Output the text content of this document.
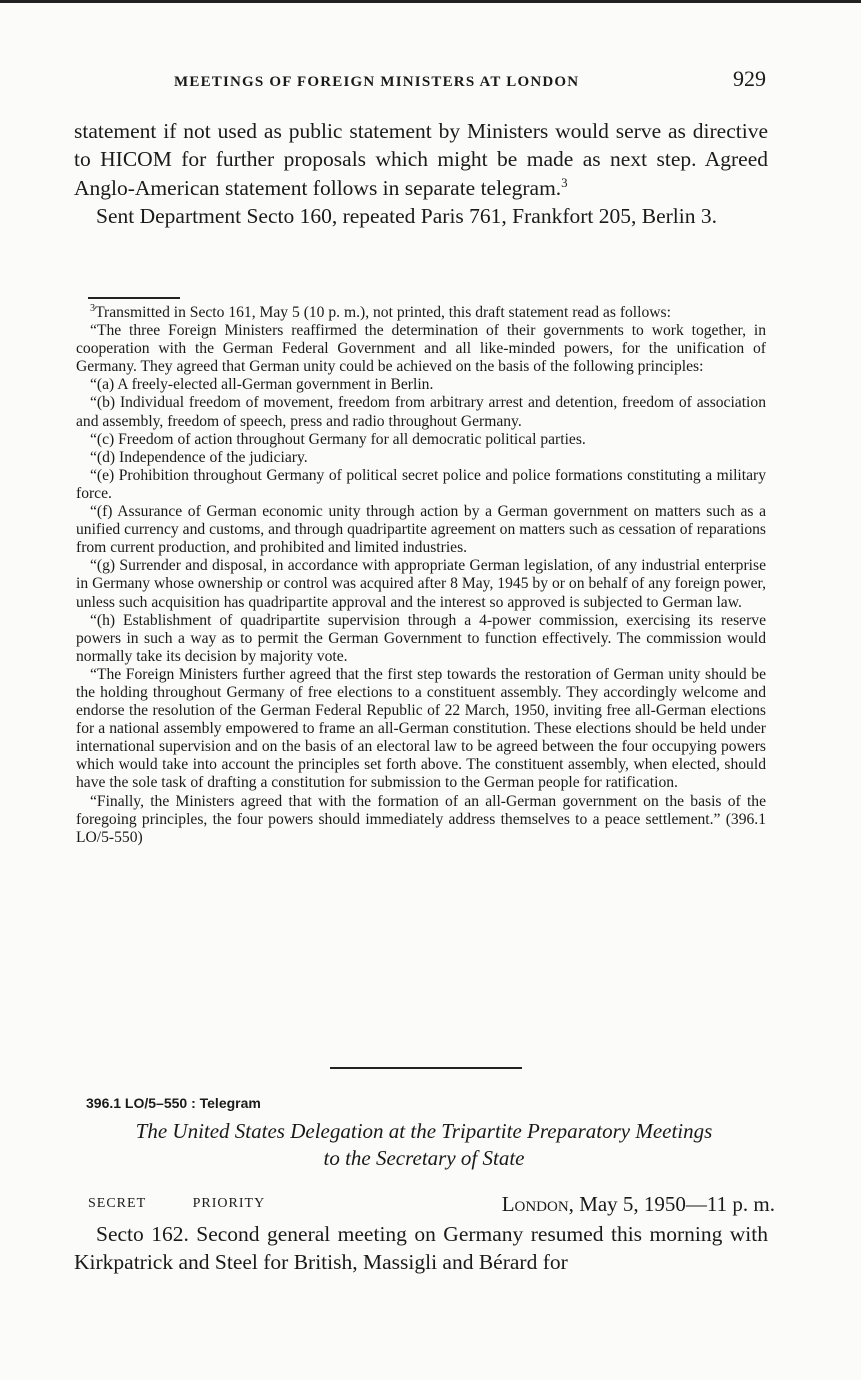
MEETINGS OF FOREIGN MINISTERS AT LONDON	929

statement if not used as public statement by Ministers would serve as directive to HICOM for further proposals which might be made as next step. Agreed Anglo-American statement follows in separate telegram.$^3$

Sent Department Secto 160, repeated Paris 761, Frankfort 205, Berlin 3.

$^3$Transmitted in Secto 161, May 5 (10 p. m.), not printed, this draft statement read as follows:

“The three Foreign Ministers reaffirmed the determination of their governments to work together, in cooperation with the German Federal Government and all like-minded powers, for the unification of Germany. They agreed that German unity could be achieved on the basis of the following principles:

“(a) A freely-elected all-German government in Berlin.

“(b) Individual freedom of movement, freedom from arbitrary arrest and detention, freedom of association and assembly, freedom of speech, press and radio throughout Germany.

“(c) Freedom of action throughout Germany for all democratic political parties.

“(d) Independence of the judiciary.

“(e) Prohibition throughout Germany of political secret police and police formations constituting a military force.

“(f) Assurance of German economic unity through action by a German government on matters such as a unified currency and customs, and through quadripartite agreement on matters such as cessation of reparations from current production, and prohibited and limited industries.

“(g) Surrender and disposal, in accordance with appropriate German legislation, of any industrial enterprise in Germany whose ownership or control was acquired after 8 May, 1945 by or on behalf of any foreign power, unless such acquisition has quadripartite approval and the interest so approved is subjected to German law.

“(h) Establishment of quadripartite supervision through a 4-power commission, exercising its reserve powers in such a way as to permit the German Government to function effectively. The commission would normally take its decision by majority vote.

“The Foreign Ministers further agreed that the first step towards the restoration of German unity should be the holding throughout Germany of free elections to a constituent assembly. They accordingly welcome and endorse the resolution of the German Federal Republic of 22 March, 1950, inviting free all-German elections for a national assembly empowered to frame an all-German constitution. These elections should be held under international supervision and on the basis of an electoral law to be agreed between the four occupying powers which would take into account the principles set forth above. The constituent assembly, when elected, should have the sole task of drafting a constitution for submission to the German people for ratification.

“Finally, the Ministers agreed that with the formation of an all-German government on the basis of the foregoing principles, the four powers should immediately address themselves to a peace settlement.” (396.1 LO/5-550)

396.1 LO/5–550 : Telegram
The United States Delegation at the Tripartite Preparatory Meetings
to the Secretary of State
SECRET	PRIORITY	London, May 5, 1950—11 p. m.

Secto 162. Second general meeting on Germany resumed this morning with Kirkpatrick and Steel for British, Massigli and Bérard for
